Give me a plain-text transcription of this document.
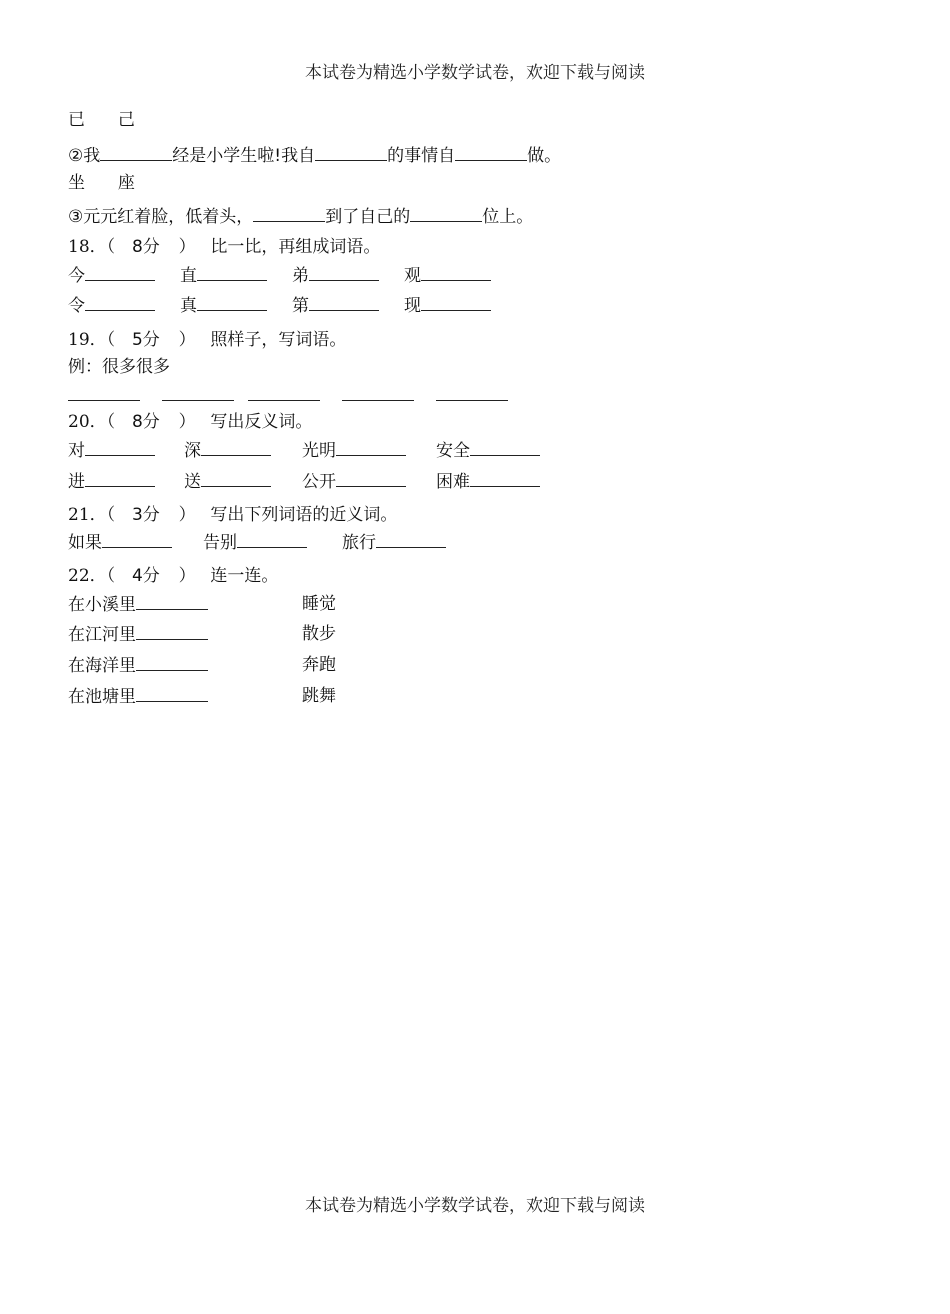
本试卷为精选小学数学试卷，欢迎下载与阅读
已 己
②我	经是小学生啦!我自	的事情自	做。
坐 座
③元元红着脸，低着头，	到了自己的	位上。
18．（ 8分 ） 比一比，再组成词语。
今	直	弟	观
令	真	第	现
19．（ 5分 ） 照样子，写词语。
例：很多很多
20．（ 8分 ） 写出反义词。
对	深	光明	安全
进	送	公开	困难
21．（ 3分 ） 写出下列词语的近义词。
如果	告别	旅行
22．（ 4分 ） 连一连。
在小溪里	睡觉
在江河里	散步
在海洋里	奔跑
在池塘里	跳舞
本试卷为精选小学数学试卷，欢迎下载与阅读
